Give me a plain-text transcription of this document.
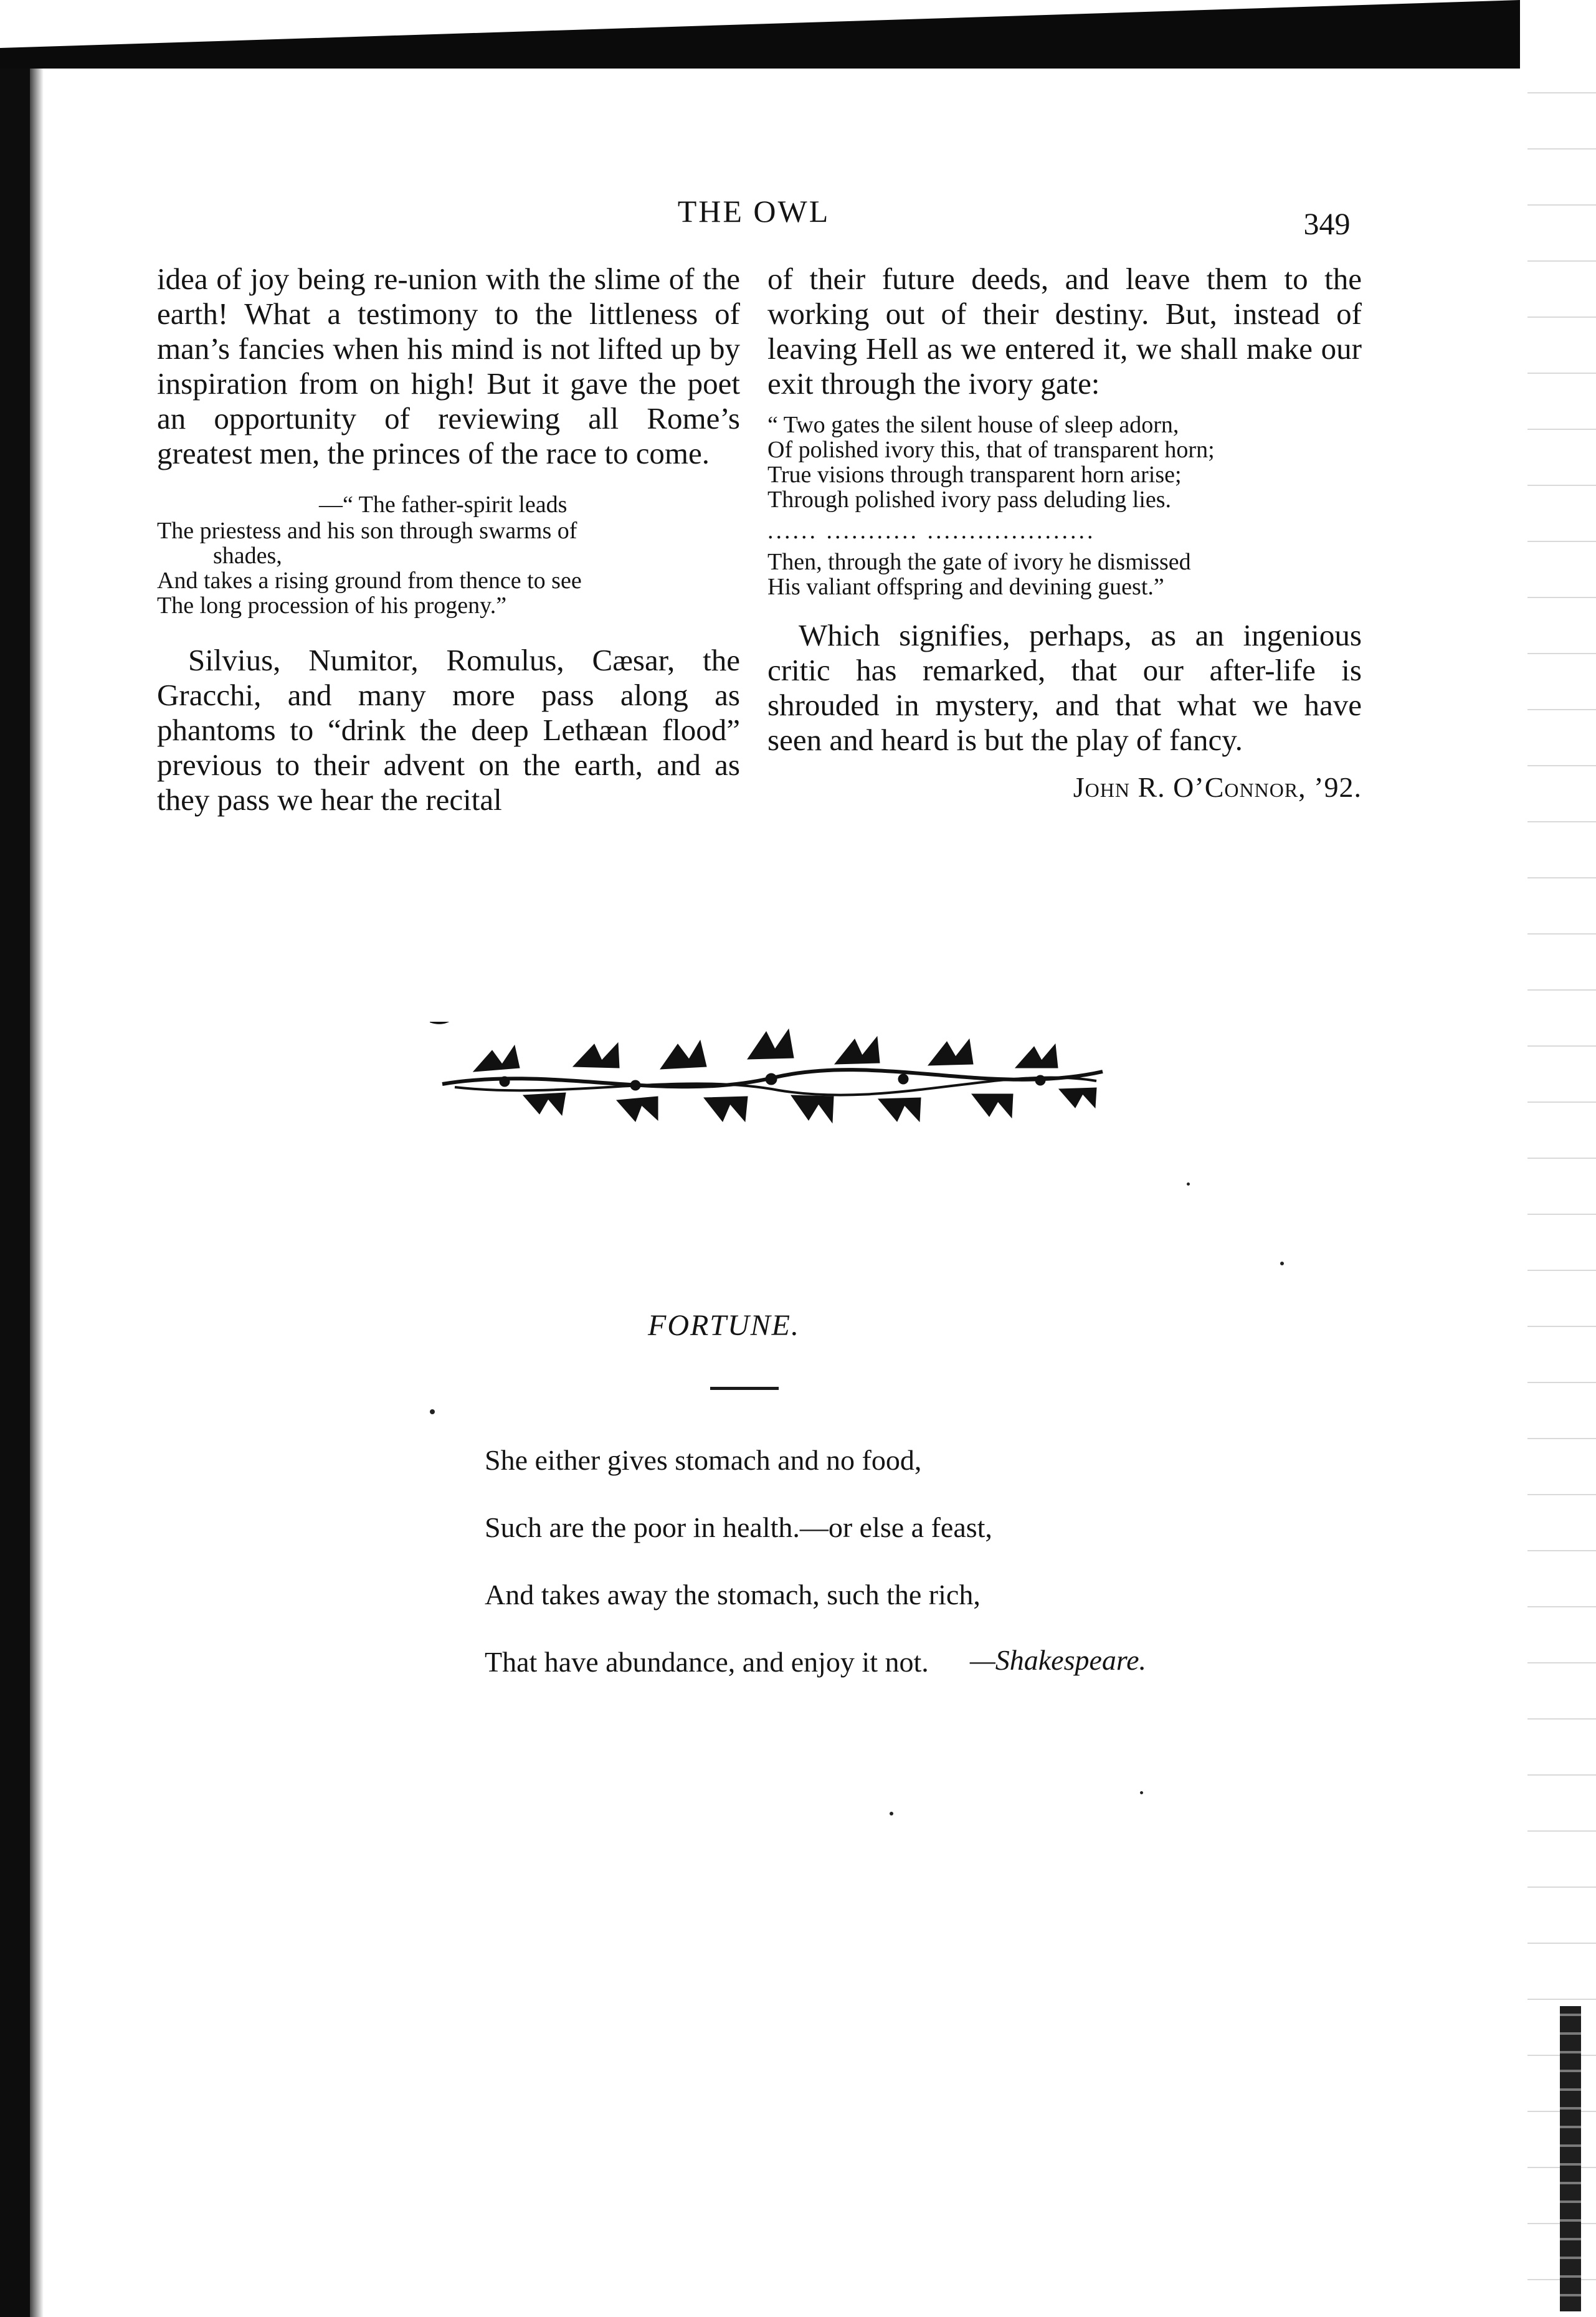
THE OWL	349

idea of joy being re-union with the slime of the earth! What a testimony to the littleness of man’s fancies when his mind is not lifted up by inspiration from on high! But it gave the poet an opportunity of reviewing all Rome’s greatest men, the princes of the race to come.

—“ The father-spirit leads
The priestess and his son through swarms of
shades,
And takes a rising ground from thence to see
The long procession of his progeny.”

Silvius, Numitor, Romulus, Cæsar, the Gracchi, and many more pass along as phantoms to “drink the deep Lethæan flood” previous to their advent on the earth, and as they pass we hear the recital

of their future deeds, and leave them to the working out of their destiny. But, instead of leaving Hell as we entered it, we shall make our exit through the ivory gate:

“ Two gates the silent house of sleep adorn,
Of polished ivory this, that of transparent horn;
True visions through transparent horn arise;
Through polished ivory pass deluding lies.
...... ........... ....................
Then, through the gate of ivory he dismissed
His valiant offspring and devining guest.”

Which signifies, perhaps, as an ingenious critic has remarked, that our after-life is shrouded in mystery, and that what we have seen and heard is but the play of fancy.

John R. O’Connor, ’92.
FORTUNE.
She either gives stomach and no food,
Such are the poor in health.—or else a feast,
And takes away the stomach, such the rich,
That have abundance, and enjoy it not.	—Shakespeare.
